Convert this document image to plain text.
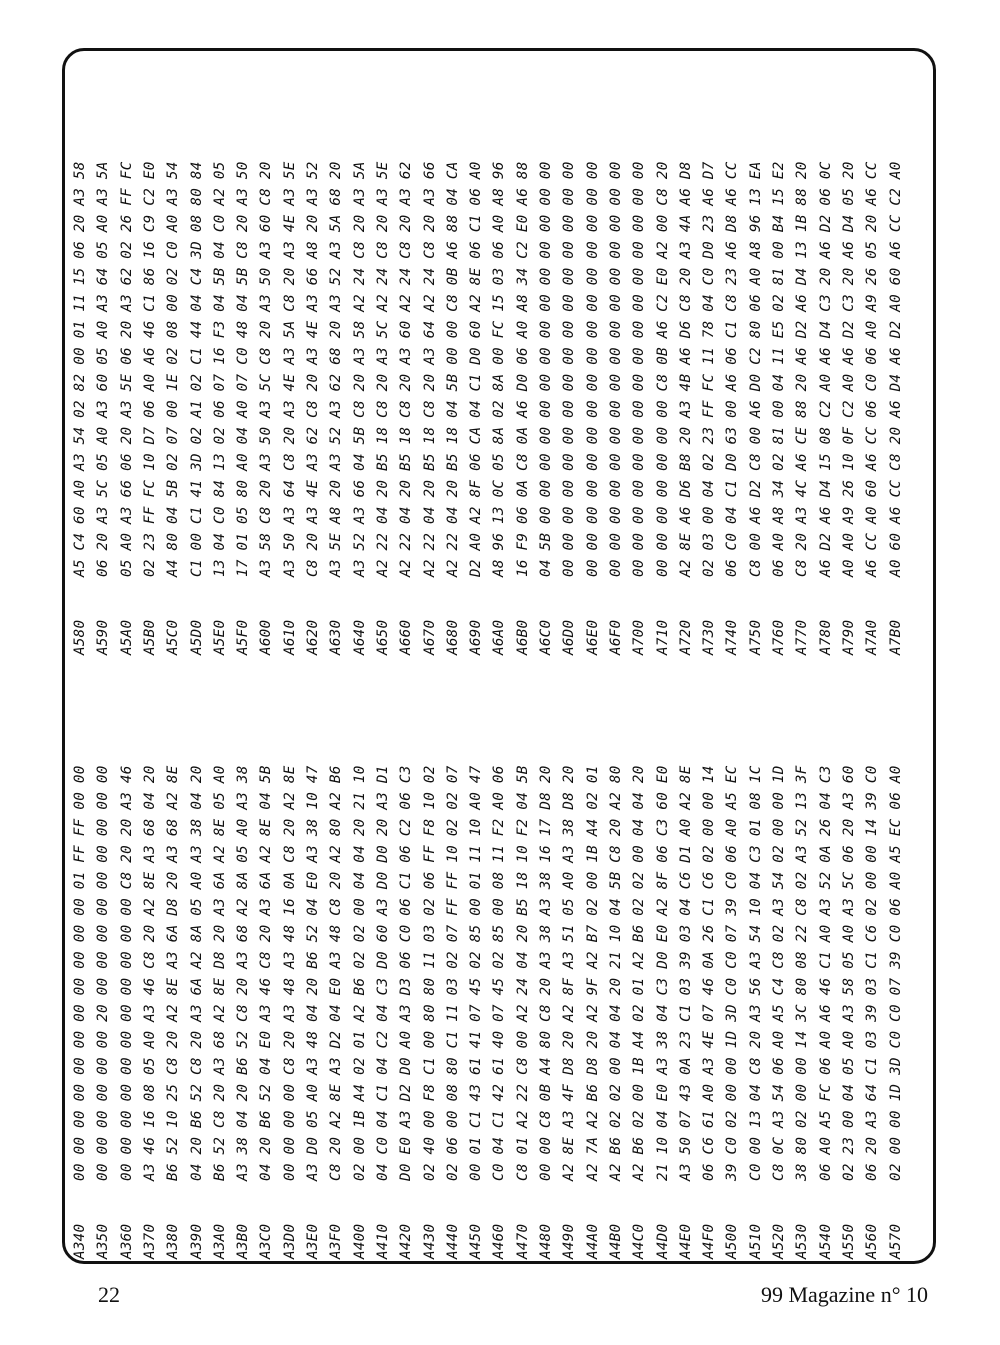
A34000 00 00 00 00 00 00 00 00 00 00 01 FF FF 00 00
A35000 00 00 00 00 00 20 00 00 00 00 00 00 00 00 00
A36000 00 00 00 00 00 00 00 00 00 00 C8 20 20 A3 46
A370A3 46 16 08 05 A0 A3 46 C8 20 A2 8E A3 68 04 20
A380B6 52 10 25 C8 20 A2 8E A3 6A D8 20 A3 68 A2 8E
A39004 20 B6 52 C8 20 A3 6A A2 8A 05 A0 A3 38 04 20
A3A0B6 52 C8 20 A3 68 A2 8E D8 20 A3 6A A2 8E 05 A0
A3B0A3 38 04 20 B6 52 C8 20 A3 68 A2 8A 05 A0 A3 38
A3C004 20 B6 52 04 E0 A3 46 C8 20 A3 6A A2 8E 04 5B
A3D000 00 00 00 C8 20 A3 48 A3 48 16 0A C8 20 A2 8E
A3E0A3 D0 05 A0 A3 48 04 20 B6 52 04 E0 A3 38 10 47
A3F0C8 20 A2 8E A3 D2 04 E0 A3 48 C8 20 A2 80 A2 B6
A40002 00 1B A4 02 01 A2 B6 02 02 00 04 04 20 21 10
A41004 C0 04 C1 04 C2 04 C3 D0 60 A3 D0 D0 20 A3 D1
A420D0 E0 A3 D2 D0 A0 A3 D3 06 C0 06 C1 06 C2 06 C3
A43002 40 00 F8 C1 00 80 80 11 03 02 06 FF F8 10 02
A44002 06 00 08 80 C1 11 03 02 07 FF FF 10 02 02 07
A45000 01 C1 43 61 41 07 45 02 85 00 01 11 10 A0 47
A460C0 04 C1 42 61 40 07 45 02 85 00 08 11 F2 A0 06
A470C8 01 A2 22 C8 00 A2 24 04 20 B5 18 10 F2 04 5B
A48000 00 C8 0B A4 80 C8 20 A3 38 A3 38 16 17 D8 20
A490A2 8E A3 4F D8 20 A2 8F A3 51 05 A0 A3 38 D8 20
A4A0A2 7A A2 B6 D8 20 A2 9F A2 B7 02 00 1B A4 02 01
A4B0A2 B6 02 02 00 04 04 20 21 10 04 5B C8 20 A2 80
A4C0A2 B6 02 00 1B A4 02 01 A2 B6 02 02 00 04 04 20
A4D021 10 04 E0 A3 38 04 C3 D0 E0 A2 8F 06 C3 60 E0
A4E0A3 50 07 43 0A 23 C1 03 39 03 04 C6 D1 A0 A2 8E
A4F006 C6 61 A0 A3 4E 07 46 0A 26 C1 C6 02 00 00 14
A50039 C0 02 00 00 1D 3D C0 C0 07 39 C0 06 A0 A5 EC
A510C0 00 13 04 C8 20 A3 56 A3 54 10 04 C3 01 08 1C
A520C8 0C A3 54 06 A0 A5 C4 C8 02 A3 54 02 00 00 1D
A53038 80 02 00 00 14 3C 80 08 22 C8 02 A3 52 13 3F
A54006 A0 A5 FC 06 A0 A6 46 C1 A0 A3 52 0A 26 04 C3
A55002 23 00 04 05 A0 A3 58 05 A0 A3 5C 06 20 A3 60
A56006 20 A3 64 C1 03 39 03 C1 C6 02 00 00 14 39 C0
A57002 00 00 1D 3D C0 C0 07 39 C0 06 A0 A5 EC 06 A0
A580A5 C4 60 A0 A3 54 02 82 00 01 11 15 06 20 A3 58
A59006 20 A3 5C 05 A0 A3 60 05 A0 A3 64 05 A0 A3 5A
A5A005 A0 A3 66 06 20 A3 5E 06 20 A3 62 02 26 FF FC
A5B002 23 FF FC 10 D7 06 A0 A6 46 C1 86 16 C9 C2 E0
A5C0A4 80 04 5B 02 07 00 1E 02 08 00 02 C0 A0 A3 54
A5D0C1 00 C1 41 3D 02 A1 02 C1 44 04 C4 3D 08 80 84
A5E013 04 C0 84 13 02 06 07 16 F3 04 5B 04 C0 A2 05
A5F017 01 05 80 A0 04 A0 07 C0 48 04 5B C8 20 A3 50
A600A3 58 C8 20 A3 50 A3 5C C8 20 A3 50 A3 60 C8 20
A610A3 50 A3 64 C8 20 A3 4E A3 5A C8 20 A3 4E A3 5E
A620C8 20 A3 4E A3 62 C8 20 A3 4E A3 66 A8 20 A3 52
A630A3 5E A8 20 A3 52 A3 62 68 20 A3 52 A3 5A 68 20
A640A3 52 A3 66 04 5B C8 20 A3 58 A2 24 C8 20 A3 5A
A650A2 22 04 20 B5 18 C8 20 A3 5C A2 24 C8 20 A3 5E
A660A2 22 04 20 B5 18 C8 20 A3 60 A2 24 C8 20 A3 62
A670A2 22 04 20 B5 18 C8 20 A3 64 A2 24 C8 20 A3 66
A680A2 22 04 20 B5 18 04 5B 00 00 C8 0B A6 88 04 CA
A690D2 A0 A2 8F 06 CA 04 C1 D0 60 A2 8E 06 C1 06 A0
A6A0A8 96 13 0C 05 8A 02 8A 00 FC 15 03 06 A0 A8 96
A6B016 F9 06 0A C8 0A A6 D0 06 A0 A8 34 C2 E0 A6 88
A6C004 5B 00 00 00 00 00 00 00 00 00 00 00 00 00 00
A6D000 00 00 00 00 00 00 00 00 00 00 00 00 00 00 00
A6E000 00 00 00 00 00 00 00 00 00 00 00 00 00 00 00
A6F000 00 00 00 00 00 00 00 00 00 00 00 00 00 00 00
A70000 00 00 00 00 00 00 00 00 00 00 00 00 00 00 00
A71000 00 00 00 00 00 00 C8 0B A6 C2 E0 A2 00 C8 20
A720A2 8E A6 D6 B8 20 A3 4B A6 D6 C8 20 A3 4A A6 D8
A73002 03 00 04 02 23 FF FC 11 78 04 C0 D0 23 A6 D7
A74006 C0 04 C1 D0 63 00 A6 06 C1 C8 23 A6 D8 A6 CC
A750C8 00 A6 D2 C8 00 A6 D0 C2 80 06 A0 A8 96 13 EA
A76006 A0 A8 34 02 81 00 04 11 E5 02 81 00 B4 15 E2
A770C8 20 A3 4C A6 CE 88 20 A6 D2 A6 D4 13 1B 88 20
A780A6 D2 A6 D4 15 08 C2 A0 A6 D4 C3 20 A6 D2 06 0C
A790A0 A0 A9 26 10 0F C2 A0 A6 D2 C3 20 A6 D4 05 20
A7A0A6 CC A0 60 A6 CC 06 C0 06 A0 A9 26 05 20 A6 CC
A7B0A0 60 A6 CC C8 20 A6 D4 A6 D2 A0 60 A6 CC C2 A0
22	99 Magazine n° 10
